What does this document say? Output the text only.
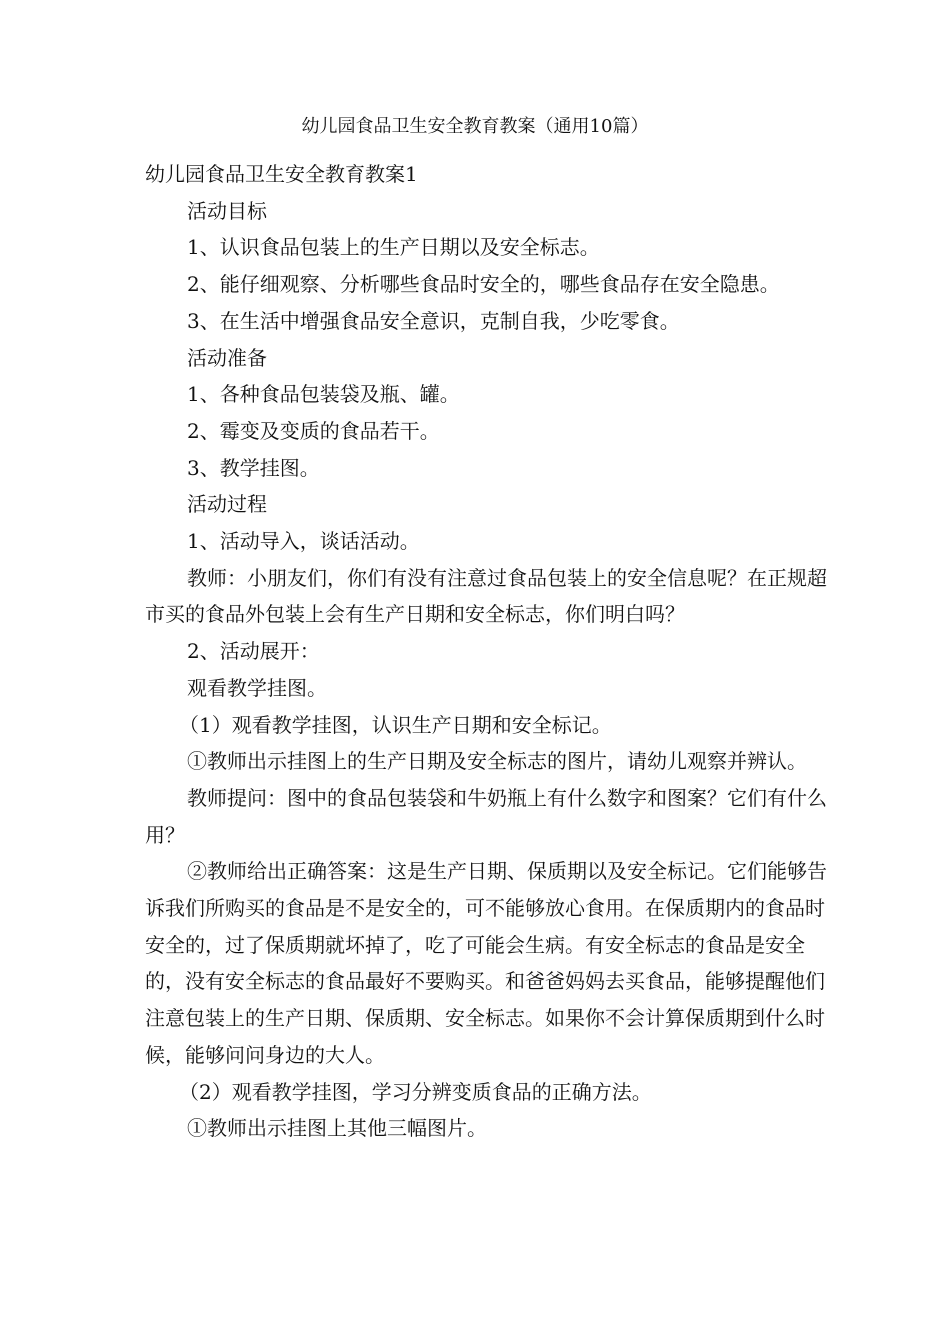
幼儿园食品卫生安全教育教案（通用10篇）

幼儿园食品卫生安全教育教案1

活动目标

1、认识食品包装上的生产日期以及安全标志。

2、能仔细观察、分析哪些食品时安全的，哪些食品存在安全隐患。

3、在生活中增强食品安全意识，克制自我，少吃零食。

活动准备

1、各种食品包装袋及瓶、罐。

2、霉变及变质的食品若干。

3、教学挂图。

活动过程

1、活动导入，谈话活动。

教师：小朋友们，你们有没有注意过食品包装上的安全信息呢？在正规超市买的食品外包装上会有生产日期和安全标志，你们明白吗？

2、活动展开：

观看教学挂图。

（1）观看教学挂图，认识生产日期和安全标记。

①教师出示挂图上的生产日期及安全标志的图片，请幼儿观察并辨认。

教师提问：图中的食品包装袋和牛奶瓶上有什么数字和图案？它们有什么用？

②教师给出正确答案：这是生产日期、保质期以及安全标记。它们能够告诉我们所购买的食品是不是安全的，可不能够放心食用。在保质期内的食品时安全的，过了保质期就坏掉了，吃了可能会生病。有安全标志的食品是安全的，没有安全标志的食品最好不要购买。和爸爸妈妈去买食品，能够提醒他们注意包装上的生产日期、保质期、安全标志。如果你不会计算保质期到什么时候，能够问问身边的大人。

（2）观看教学挂图，学习分辨变质食品的正确方法。

①教师出示挂图上其他三幅图片。
